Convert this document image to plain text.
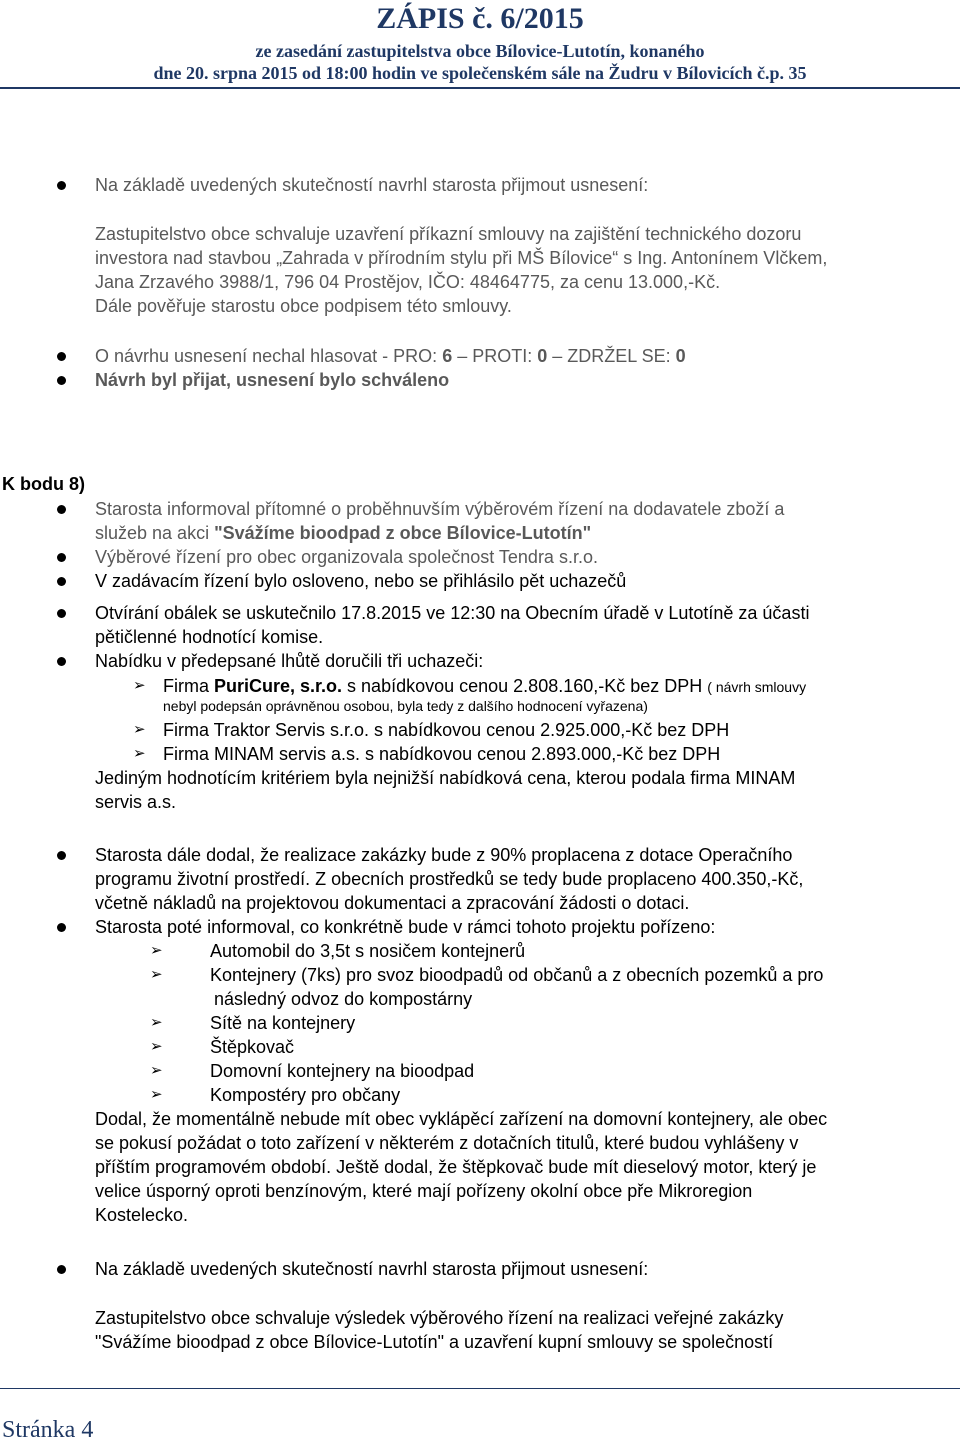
ZÁPIS č. 6/2015
ze zasedání zastupitelstva obce Bílovice-Lutotín, konaného
dne 20. srpna 2015 od 18:00 hodin ve společenském sále na Žudru v Bílovicích č.p. 35

Na základě uvedených skutečností navrhl starosta přijmout usnesení:

Zastupitelstvo obce schvaluje uzavření příkazní smlouvy na zajištění technického dozoru

investora nad stavbou „Zahrada v přírodním stylu při MŠ Bílovice“ s Ing. Antonínem Vlčkem,

Jana Zrzavého 3988/1, 796 04 Prostějov, IČO: 48464775, za cenu 13.000,-Kč.

Dále pověřuje starostu obce podpisem této smlouvy.

O návrhu usnesení nechal hlasovat - PRO: 6 – PROTI: 0 – ZDRŽEL SE: 0

Návrh byl přijat, usnesení bylo schváleno

K bodu 8)

Starosta informoval přítomné o proběhnuvším výběrovém řízení na dodavatele zboží a

služeb na akci "Svážíme bioodpad z obce Bílovice-Lutotín"

Výběrové řízení pro obec organizovala společnost Tendra s.r.o.

V zadávacím řízení bylo osloveno, nebo se přihlásilo pět uchazečů

Otvírání obálek se uskutečnilo 17.8.2015 ve 12:30 na Obecním úřadě v Lutotíně za účasti

pětičlenné hodnotící komise.

Nabídku v předepsané lhůtě doručili tři uchazeči:

➢ Firma PuriCure, s.r.o. s nabídkovou cenou 2.808.160,-Kč bez DPH ( návrh smlouvy

nebyl podepsán oprávněnou osobou, byla tedy z dalšího hodnocení vyřazena)

➢ Firma Traktor Servis s.r.o. s nabídkovou cenou 2.925.000,-Kč bez DPH

➢ Firma MINAM servis a.s. s nabídkovou cenou 2.893.000,-Kč bez DPH

Jediným hodnotícím kritériem byla nejnižší nabídková cena, kterou podala firma MINAM

servis a.s.

Starosta dále dodal, že realizace zakázky bude z 90% proplacena z dotace Operačního

programu životní prostředí. Z obecních prostředků se tedy bude proplaceno 400.350,-Kč,

včetně nákladů na projektovou dokumentaci a zpracování žádosti o dotaci.

Starosta poté informoval, co konkrétně bude v rámci tohoto projektu pořízeno:

➢	Automobil do 3,5t s nosičem kontejnerů

➢	Kontejnery (7ks) pro svoz bioodpadů od občanů a z obecních pozemků a pro

následný odvoz do kompostárny

➢	Sítě na kontejnery

➢	Štěpkovač

➢	Domovní kontejnery na bioodpad

➢	Kompostéry pro občany

Dodal, že momentálně nebude mít obec vyklápěcí zařízení na domovní kontejnery, ale obec

se pokusí požádat o toto zařízení v některém z dotačních titulů, které budou vyhlášeny v

příštím programovém období. Ještě dodal, že štěpkovač bude mít dieselový motor, který je

velice úsporný oproti benzínovým, které mají pořízeny okolní obce pře Mikroregion

Kostelecko.

Na základě uvedených skutečností navrhl starosta přijmout usnesení:

Zastupitelstvo obce schvaluje výsledek výběrového řízení na realizaci veřejné zakázky

"Svážíme bioodpad z obce Bílovice-Lutotín" a uzavření kupní smlouvy se společností

Stránka 4
